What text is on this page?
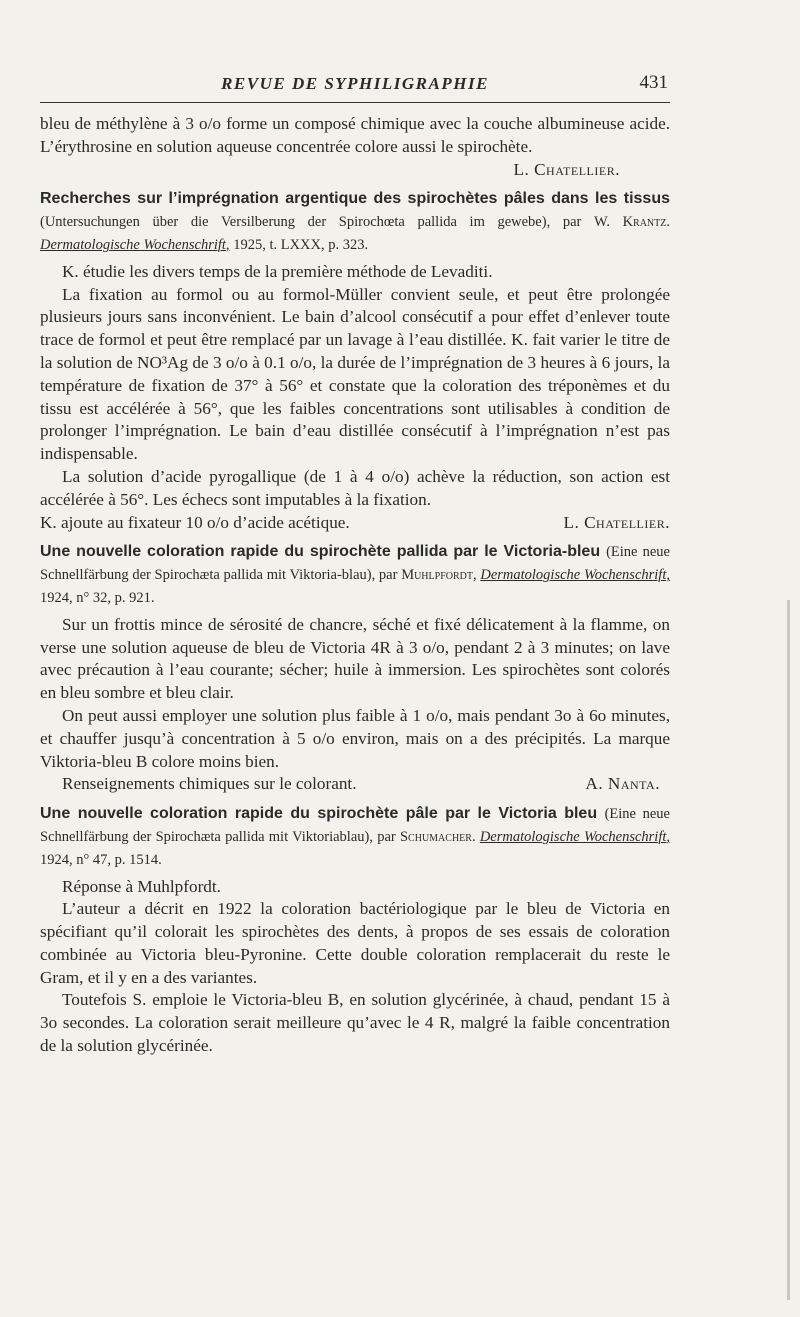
REVUE DE SYPHILIGRAPHIE	431

bleu de méthylène à 3 o/o forme un composé chimique avec la couche albumineuse acide. L’érythrosine en solution aqueuse concentrée colore aussi le spirochète.

L. Chatellier.

Recherches sur l’imprégnation argentique des spirochètes pâles dans les tissus (Untersuchungen über die Versilberung der Spirochœta pallida im gewebe), par W. Krantz. Dermatologische Wochenschrift, 1925, t. LXXX, p. 323.

K. étudie les divers temps de la première méthode de Levaditi.

La fixation au formol ou au formol-Müller convient seule, et peut être prolongée plusieurs jours sans inconvénient. Le bain d’alcool consécutif a pour effet d’enlever toute trace de formol et peut être remplacé par un lavage à l’eau distillée. K. fait varier le titre de la solution de NO³Ag de 3 o/o à 0.1 o/o, la durée de l’imprégnation de 3 heures à 6 jours, la température de fixation de 37° à 56° et constate que la coloration des tréponèmes et du tissu est accélérée à 56°, que les faibles concentrations sont utilisables à condition de prolonger l’imprégnation. Le bain d’eau distillée consécutif à l’imprégnation n’est pas indispensable.

La solution d’acide pyrogallique (de 1 à 4 o/o) achève la réduction, son action est accélérée à 56°. Les échecs sont imputables à la fixation.

K. ajoute au fixateur 10 o/o d’acide acétique.	L. Chatellier.

Une nouvelle coloration rapide du spirochète pallida par le Victoria-bleu (Eine neue Schnellfärbung der Spirochæta pallida mit Viktoria-blau), par Muhlpfordt, Dermatologische Wochenschrift, 1924, n° 32, p. 921.

Sur un frottis mince de sérosité de chancre, séché et fixé délicatement à la flamme, on verse une solution aqueuse de bleu de Victoria 4R à 3 o/o, pendant 2 à 3 minutes; on lave avec précaution à l’eau courante; sécher; huile à immersion. Les spirochètes sont colorés en bleu sombre et bleu clair.

On peut aussi employer une solution plus faible à 1 o/o, mais pendant 3o à 6o minutes, et chauffer jusqu’à concentration à 5 o/o environ, mais on a des précipités. La marque Viktoria-bleu B colore moins bien.

Renseignements chimiques sur le colorant.	A. Nanta.

Une nouvelle coloration rapide du spirochète pâle par le Victoria bleu (Eine neue Schnellfärbung der Spirochæta pallida mit Viktoriablau), par Schumacher. Dermatologische Wochenschrift, 1924, n° 47, p. 1514.

Réponse à Muhlpfordt.

L’auteur a décrit en 1922 la coloration bactériologique par le bleu de Victoria en spécifiant qu’il colorait les spirochètes des dents, à propos de ses essais de coloration combinée au Victoria bleu-Pyronine. Cette double coloration remplacerait du reste le Gram, et il y en a des variantes.

Toutefois S. emploie le Victoria-bleu B, en solution glycérinée, à chaud, pendant 15 à 3o secondes. La coloration serait meilleure qu’avec le 4 R, malgré la faible concentration de la solution glycérinée.
